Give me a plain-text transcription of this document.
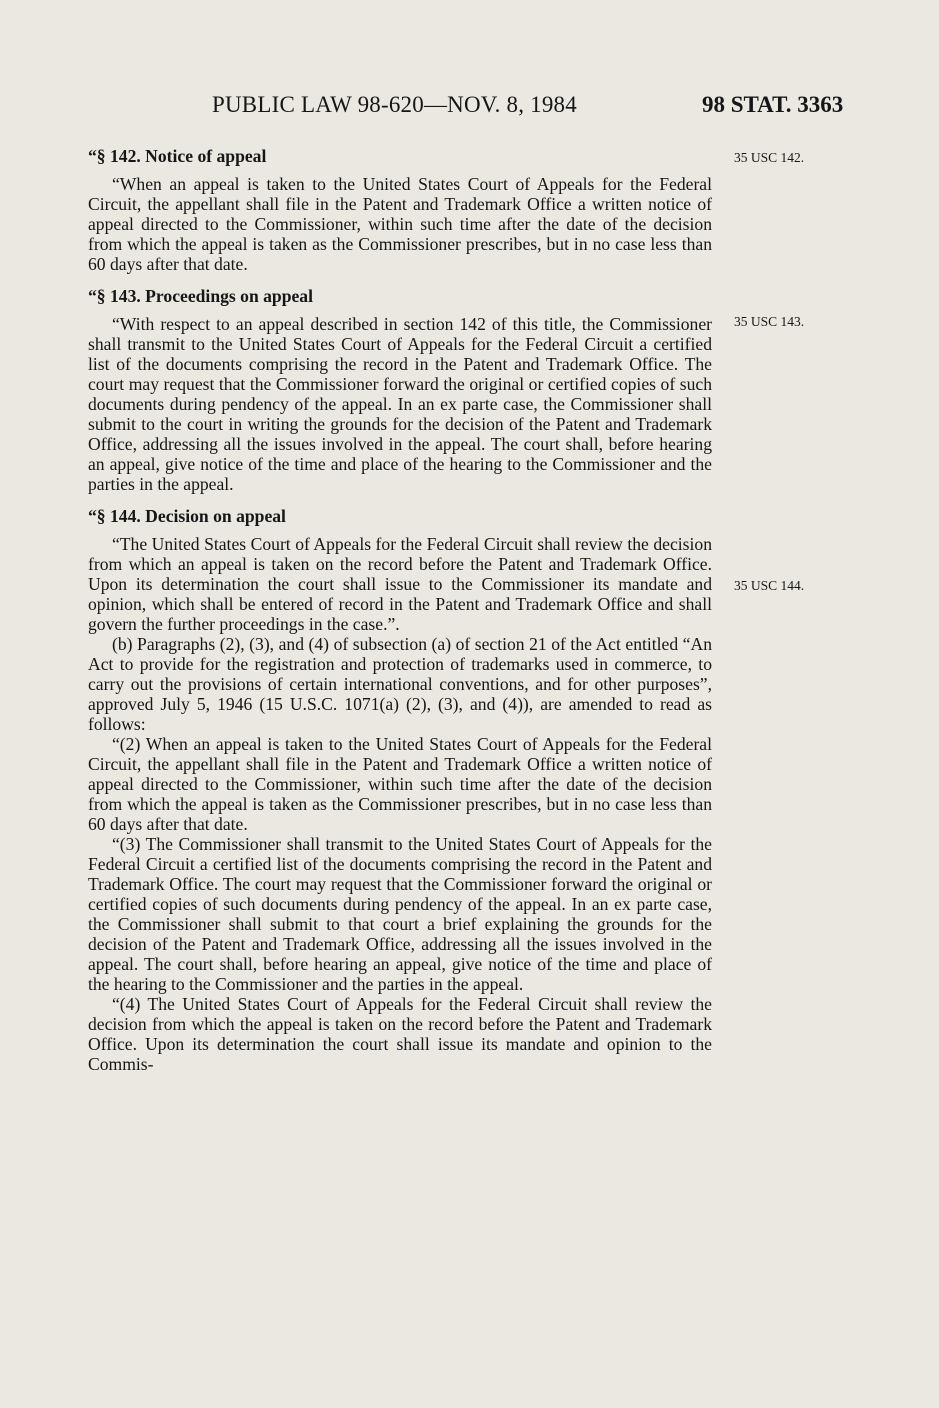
PUBLIC LAW 98-620—NOV. 8, 1984	98 STAT. 3363
35 USC 142.
35 USC 143.
35 USC 144.
“§ 142. Notice of appeal

“When an appeal is taken to the United States Court of Appeals for the Federal Circuit, the appellant shall file in the Patent and Trademark Office a written notice of appeal directed to the Commissioner, within such time after the date of the decision from which the appeal is taken as the Commissioner prescribes, but in no case less than 60 days after that date.

“§ 143. Proceedings on appeal

“With respect to an appeal described in section 142 of this title, the Commissioner shall transmit to the United States Court of Appeals for the Federal Circuit a certified list of the documents comprising the record in the Patent and Trademark Office. The court may request that the Commissioner forward the original or certified copies of such documents during pendency of the appeal. In an ex parte case, the Commissioner shall submit to the court in writing the grounds for the decision of the Patent and Trademark Office, addressing all the issues involved in the appeal. The court shall, before hearing an appeal, give notice of the time and place of the hearing to the Commissioner and the parties in the appeal.

“§ 144. Decision on appeal

“The United States Court of Appeals for the Federal Circuit shall review the decision from which an appeal is taken on the record before the Patent and Trademark Office. Upon its determination the court shall issue to the Commissioner its mandate and opinion, which shall be entered of record in the Patent and Trademark Office and shall govern the further proceedings in the case.”.

(b) Paragraphs (2), (3), and (4) of subsection (a) of section 21 of the Act entitled “An Act to provide for the registration and protection of trademarks used in commerce, to carry out the provisions of certain international conventions, and for other purposes”, approved July 5, 1946 (15 U.S.C. 1071(a) (2), (3), and (4)), are amended to read as follows:

“(2) When an appeal is taken to the United States Court of Appeals for the Federal Circuit, the appellant shall file in the Patent and Trademark Office a written notice of appeal directed to the Commissioner, within such time after the date of the decision from which the appeal is taken as the Commissioner prescribes, but in no case less than 60 days after that date.

“(3) The Commissioner shall transmit to the United States Court of Appeals for the Federal Circuit a certified list of the documents comprising the record in the Patent and Trademark Office. The court may request that the Commissioner forward the original or certified copies of such documents during pendency of the appeal. In an ex parte case, the Commissioner shall submit to that court a brief explaining the grounds for the decision of the Patent and Trademark Office, addressing all the issues involved in the appeal. The court shall, before hearing an appeal, give notice of the time and place of the hearing to the Commissioner and the parties in the appeal.

“(4) The United States Court of Appeals for the Federal Circuit shall review the decision from which the appeal is taken on the record before the Patent and Trademark Office. Upon its determination the court shall issue its mandate and opinion to the Commis-
